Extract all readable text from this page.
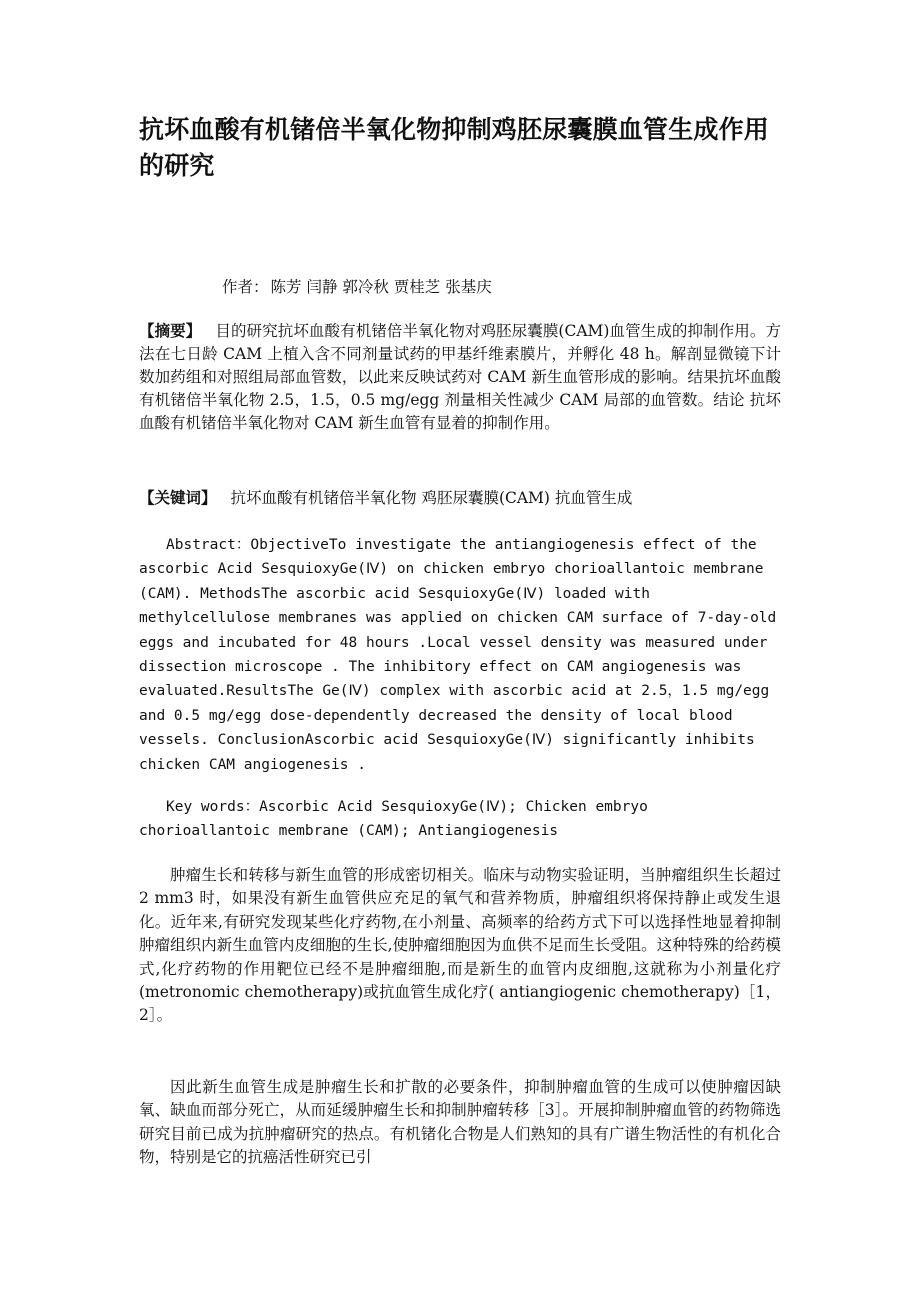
抗坏血酸有机锗倍半氧化物抑制鸡胚尿囊膜血管生成作用的研究

作者： 陈芳 闫静 郭冷秋 贾桂芝 张基庆

【摘要】 目的研究抗坏血酸有机锗倍半氧化物对鸡胚尿囊膜(CAM)血管生成的抑制作用。方法在七日龄 CAM 上植入含不同剂量试药的甲基纤维素膜片，并孵化 48 h。解剖显微镜下计数加药组和对照组局部血管数，以此来反映试药对 CAM 新生血管形成的影响。结果抗坏血酸有机锗倍半氧化物 2.5，1.5，0.5 mg/egg 剂量相关性减少 CAM 局部的血管数。结论 抗坏血酸有机锗倍半氧化物对 CAM 新生血管有显着的抑制作用。

【关键词】 抗坏血酸有机锗倍半氧化物 鸡胚尿囊膜(CAM) 抗血管生成

Abstract：ObjectiveTo investigate the antiangiogenesis effect of the ascorbic Acid SesquioxyGe(Ⅳ) on chicken embryo chorioallantoic membrane (CAM). MethodsThe ascorbic acid SesquioxyGe(Ⅳ) loaded with methylcellulose membranes was applied on chicken CAM surface of 7-day-old eggs and incubated for 48 hours .Local vessel density was measured under dissection microscope . The inhibitory effect on CAM angiogenesis was evaluated.ResultsThe Ge(Ⅳ) complex with ascorbic acid at 2.5，1.5 mg/egg and 0.5 mg/egg dose-dependently decreased the density of local blood vessels. ConclusionAscorbic acid SesquioxyGe(Ⅳ) significantly inhibits chicken CAM angiogenesis .

Key words：Ascorbic Acid SesquioxyGe(Ⅳ); Chicken embryo chorioallantoic membrane (CAM); Antiangiogenesis

肿瘤生长和转移与新生血管的形成密切相关。临床与动物实验证明，当肿瘤组织生长超过 2 mm3 时，如果没有新生血管供应充足的氧气和营养物质，肿瘤组织将保持静止或发生退化。近年来,有研究发现某些化疗药物,在小剂量、高频率的给药方式下可以选择性地显着抑制肿瘤组织内新生血管内皮细胞的生长,使肿瘤细胞因为血供不足而生长受阻。这种特殊的给药模式,化疗药物的作用靶位已经不是肿瘤细胞,而是新生的血管内皮细胞,这就称为小剂量化疗(metronomic chemotherapy)或抗血管生成化疗( antiangiogenic chemotherapy)［1，2］。

因此新生血管生成是肿瘤生长和扩散的必要条件，抑制肿瘤血管的生成可以使肿瘤因缺氧、缺血而部分死亡，从而延缓肿瘤生长和抑制肿瘤转移［3］。开展抑制肿瘤血管的药物筛选研究目前已成为抗肿瘤研究的热点。有机锗化合物是人们熟知的具有广谱生物活性的有机化合物，特别是它的抗癌活性研究已引
